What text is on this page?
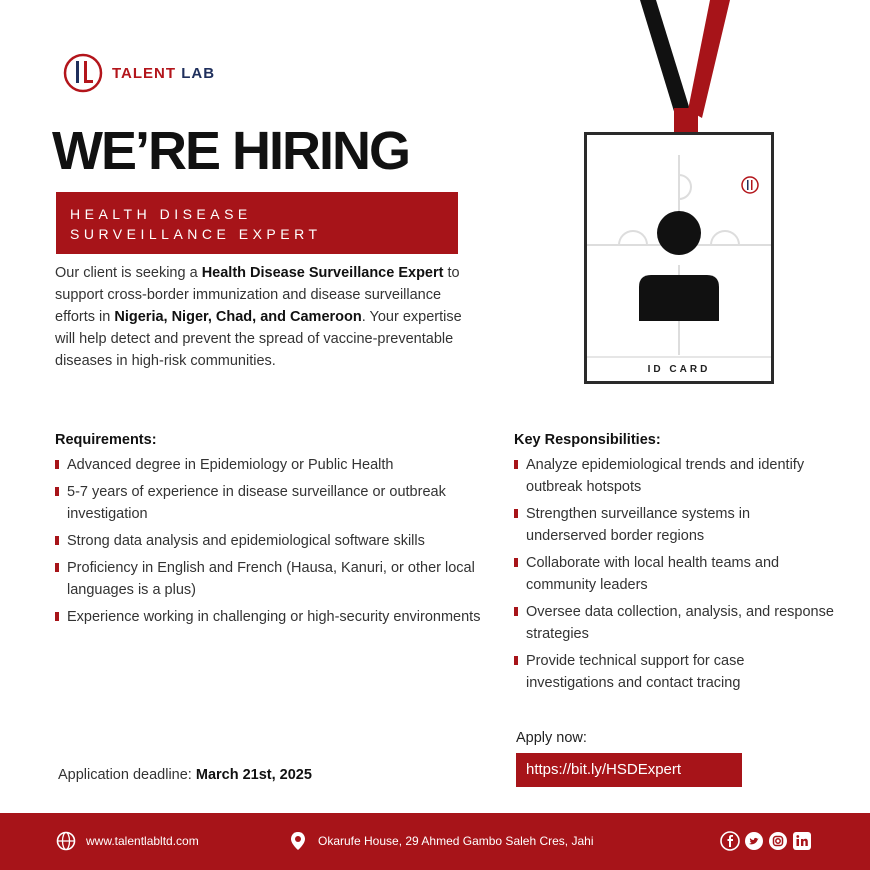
TALENT LAB
WE’RE HIRING
HEALTH DISEASE
SURVEILLANCE EXPERT

Our client is seeking a Health Disease Surveillance Expert to support cross-border immunization and disease surveillance efforts in Nigeria, Niger, Chad, and Cameroon. Your expertise will help detect and prevent the spread of vaccine-preventable diseases in high-risk communities.

ID CARD
Requirements:
Advanced degree in Epidemiology or Public Health
5-7 years of experience in disease surveillance or outbreak investigation
Strong data analysis and epidemiological software skills
Proficiency in English and French (Hausa, Kanuri, or other local languages is a plus)
Experience working in challenging or high-security environments
Key Responsibilities:
Analyze epidemiological trends and identify outbreak hotspots
Strengthen surveillance systems in underserved border regions
Collaborate with local health teams and community leaders
Oversee data collection, analysis, and response strategies
Provide technical support for case investigations and contact tracing
Apply now:
https://bit.ly/HSDExpert
Application deadline: March 21st, 2025
www.talentlabltd.com	Okarufe House, 29 Ahmed Gambo Saleh Cres, Jahi
